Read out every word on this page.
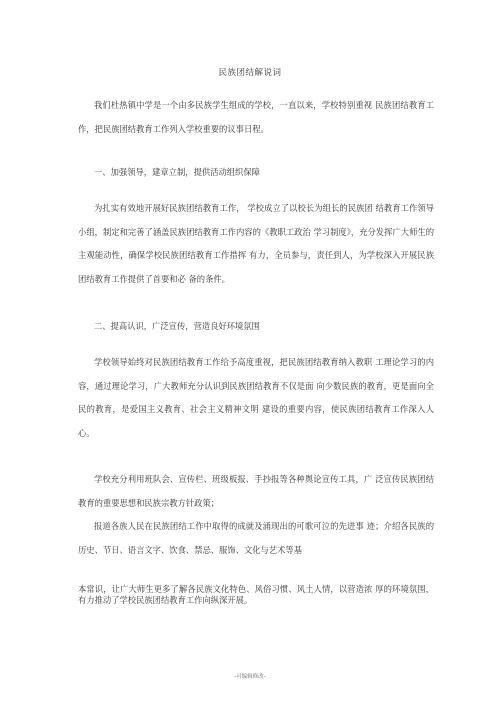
民族团结解说词
我们杜热镇中学是一个由多民族学生组成的学校，一直以来，学校特别重视 民族团结教育工作，把民族团结教育工作列入学校重要的议事日程。
一、加强领导，建章立制，提供活动组织保障
为扎实有效地开展好民族团结教育工作， 学校成立了以校长为组长的民族团 结教育工作领导小组，制定和完善了涵盖民族团结教育工作内容的《教职工政治 学习制度》，充分发挥广大师生的主观能动性，确保学校民族团结教育工作措挥 有力，全员参与，责任到人，为学校深入开展民族团结教育工作提供了首要和必 备的条件。
二、提高认识，广泛宣传，营造良好环境氛围
学校领导始终对民族团结教育工作给予高度重视，把民族团结教育纳入教职 工理论学习的内容，通过理论学习，广大教师充分认识到民族团结教育不仅是面 向少数民族的教育，更是面向全民的教育，是爱国主义教育、社会主义精神文明 建设的重要内容，使民族团结教育工作深入人心。
学校充分利用班队会、宣传栏、班级板报、手抄报等各种舆论宣传工具，广 泛宣传民族团结教育的重要思想和民族宗教方针政策；
报道各族人民在民族团结工作中取得的成就及涌现出的可歌可泣的先进事 迹；介绍各民族的历史、节日、语言文字、饮食、禁忌、服饰、文化与艺术等基
本常识，让广大师生更多了解各民族文化特色、风俗习惯、风土人情，以营造浓 厚的环境氛围，有力推动了学校民族团结教育工作向纵深开展。
-可编辑修改-
